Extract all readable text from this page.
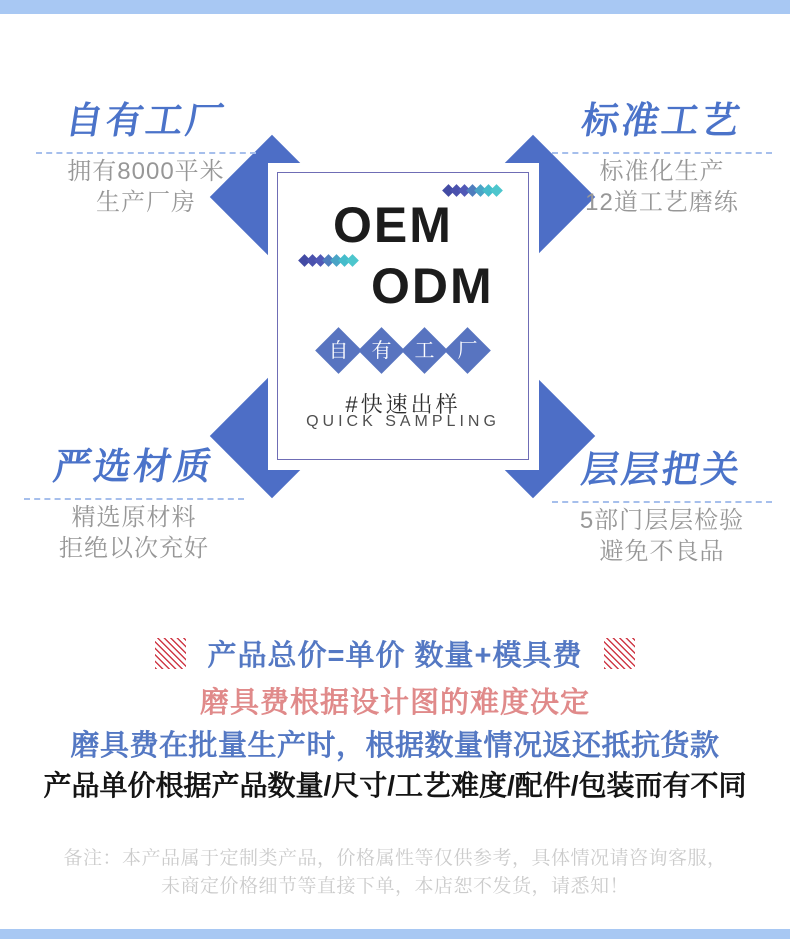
OEM
ODM
自 有 工 厂
#快速出样
QUICK SAMPLING
自有工厂
拥有8000平米
生产厂房
标准工艺
标准化生产
12道工艺磨练
严选材质
精选原材料
拒绝以次充好
层层把关
5部门层层检验
避免不良品
产品总价=单价 数量+模具费
磨具费根据设计图的难度决定
磨具费在批量生产时，根据数量情况返还抵抗货款
产品单价根据产品数量/尺寸/工艺难度/配件/包装而有不同
备注：本产品属于定制类产品，价格属性等仅供参考，具体情况请咨询客服，
未商定价格细节等直接下单，本店恕不发货，请悉知！
